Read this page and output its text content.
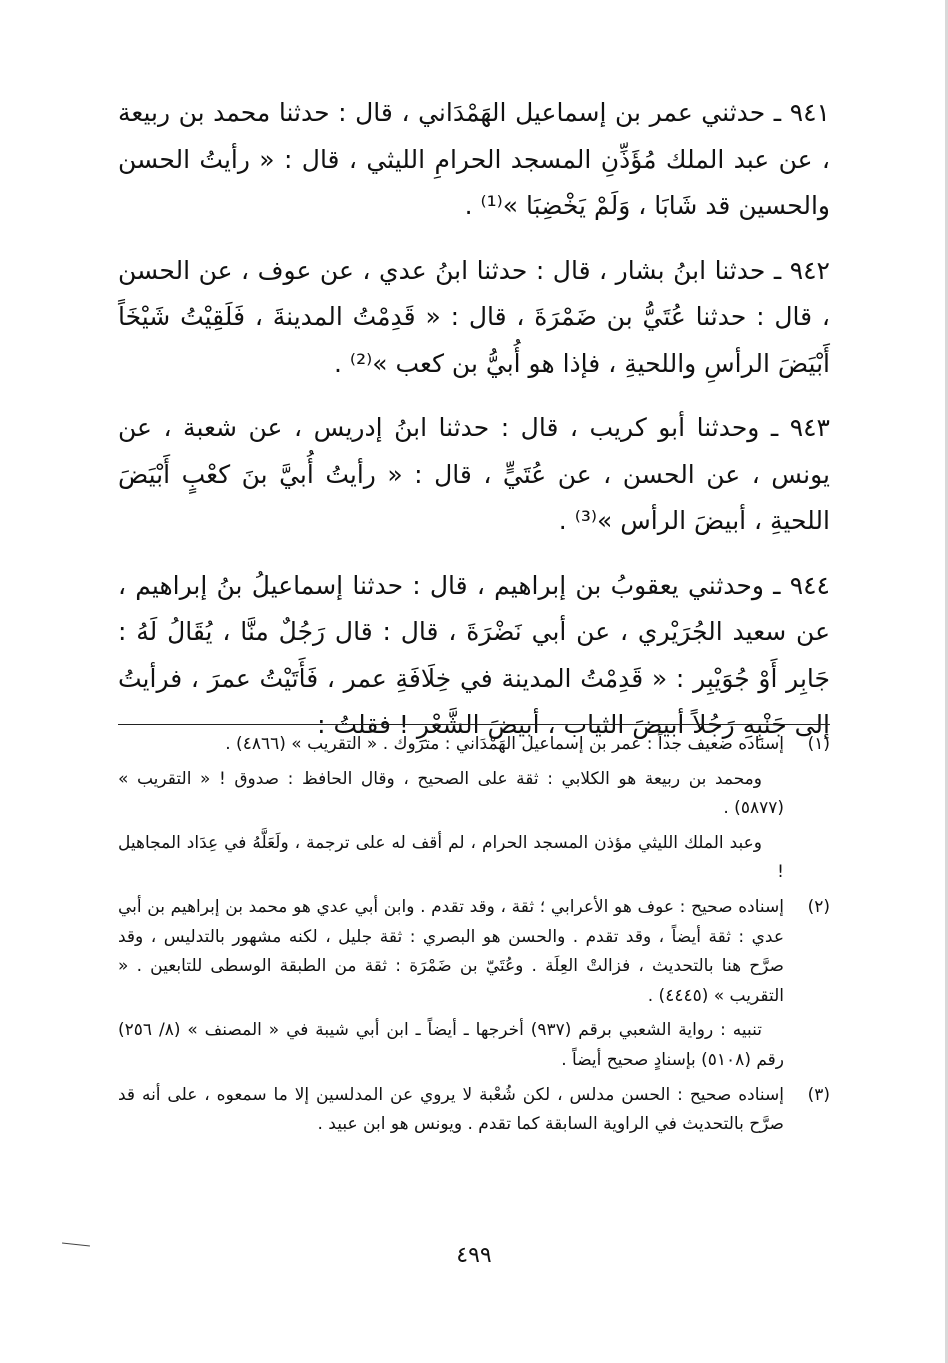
٩٤١ ـ حدثني عمر بن إسماعيل الهَمْدَاني ، قال : حدثنا محمد بن ربيعة ، عن عبد الملك مُؤَذِّنِ المسجد الحرامِ الليثي ، قال : « رأيتُ الحسن والحسين قد شَابَا ، وَلَمْ يَخْضِبَا »⁽¹⁾ .

٩٤٢ ـ حدثنا ابنُ بشار ، قال : حدثنا ابنُ عدي ، عن عوف ، عن الحسن ، قال : حدثنا عُتَيُّ بن ضَمْرَةَ ، قال : « قَدِمْتُ المدينةَ ، فَلَقِيْتُ شَيْخَاً أَبْيَضَ الرأسِ واللحيةِ ، فإذا هو أُبيُّ بن كعب »⁽²⁾ .

٩٤٣ ـ وحدثنا أبو كريب ، قال : حدثنا ابنُ إدريس ، عن شعبة ، عن يونس ، عن الحسن ، عن عُتَيٍّ ، قال : « رأيتُ أُبيَّ بنَ كعْبٍ أَبْيَضَ اللحيةِ ، أبيضَ الرأس »⁽³⁾ .

٩٤٤ ـ وحدثني يعقوبُ بن إبراهيم ، قال : حدثنا إسماعيلُ بنُ إبراهيم ، عن سعيد الجُرَيْري ، عن أبي نَضْرَةَ ، قال : قال رَجُلٌ منَّا ، يُقَالُ لَهُ : جَابِر أَوْ جُوَيْبِر : « قَدِمْتُ المدينة في خِلَافَةِ عمر ، فَأَتَيْتُ عمرَ ، فرأيتُ إلى جَنْبِهِ رَجُلاً أبيضَ الثياب ، أبيضَ الشَّعْرِ ! فقلتُ :

(١)
إسناده ضعيف جداً : عمر بن إسماعيل الهَمْدَاني : متروك . « التقريب » (٤٨٦٦) .

ومحمد بن ربيعة هو الكلابي : ثقة على الصحيح ، وقال الحافظ : صدوق ! « التقريب » (٥٨٧٧) .

وعبد الملك الليثي مؤذن المسجد الحرام ، لم أقف له على ترجمة ، ولَعَلَّهُ في عِدَاد المجاهيل !

(٢)
إسناده صحيح : عوف هو الأعرابي ؛ ثقة ، وقد تقدم . وابن أبي عدي هو محمد بن إبراهيم بن أبي عدي : ثقة أيضاً ، وقد تقدم . والحسن هو البصري : ثقة جليل ، لكنه مشهور بالتدليس ، وقد صرَّح هنا بالتحديث ، فزالتْ العِلَة . وعُتَيّ بن ضَمْرَة : ثقة من الطبقة الوسطى للتابعين . « التقريب » (٤٤٤٥) .

تنبيه : رواية الشعبي برقم (٩٣٧) أخرجها ـ أيضاً ـ ابن أبي شيبة في « المصنف » (٨/ ٢٥٦) رقم (٥١٠٨) بإسنادٍ صحيح أيضاً .

(٣)
إسناده صحيح : الحسن مدلس ، لكن شُعْبة لا يروي عن المدلسين إلا ما سمعوه ، على أنه قد صرَّح بالتحديث في الراوية السابقة كما تقدم . ويونس هو ابن عبيد .
٤٩٩
